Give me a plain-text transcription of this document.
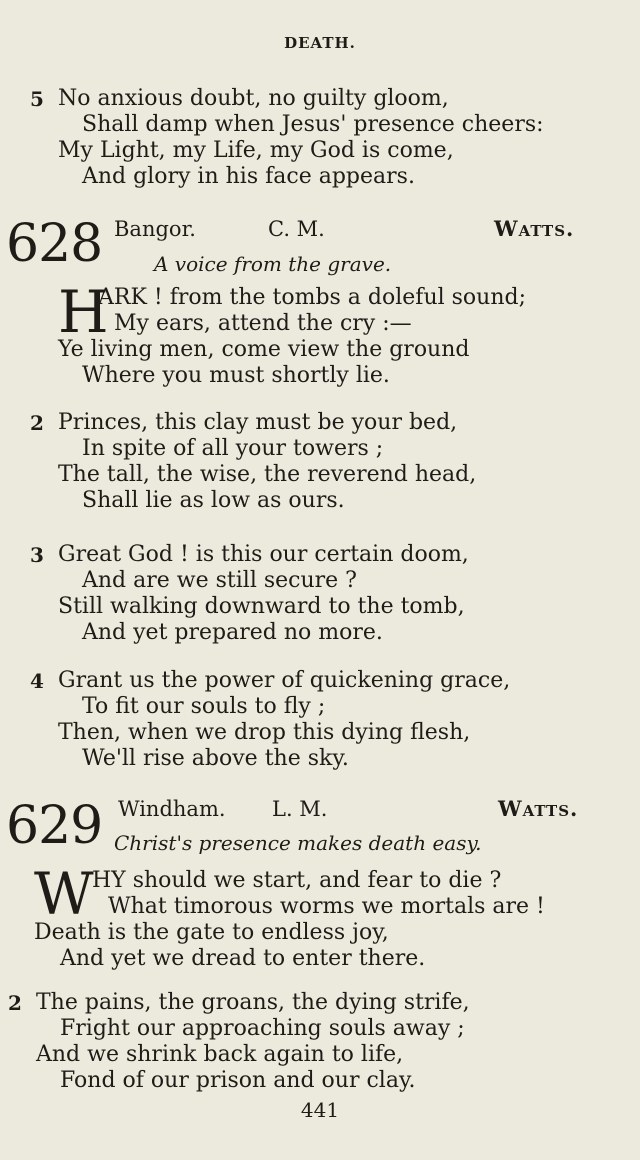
DEATH.
5 No anxious doubt, no guilty gloom,
Shall damp when Jesus' presence cheers:
My Light, my Life, my God is come,
And glory in his face appears.
628 Bangor.	C. M.	Watts.
A voice from the grave.
H
ARK ! from the tombs a doleful sound;
My ears, attend the cry :—
Ye living men, come view the ground
Where you must shortly lie.
2 Princes, this clay must be your bed,
In spite of all your towers ;
The tall, the wise, the reverend head,
Shall lie as low as ours.
3 Great God ! is this our certain doom,
And are we still secure ?
Still walking downward to the tomb,
And yet prepared no more.
4 Grant us the power of quickening grace,
To fit our souls to fly ;
Then, when we drop this dying flesh,
We'll rise above the sky.
629 Windham. L. M.	Watts.
Christ's presence makes death easy.
W
HY should we start, and fear to die ?
What timorous worms we mortals are !
Death is the gate to endless joy,
And yet we dread to enter there.
2 The pains, the groans, the dying strife,
Fright our approaching souls away ;
And we shrink back again to life,
Fond of our prison and our clay.
441
